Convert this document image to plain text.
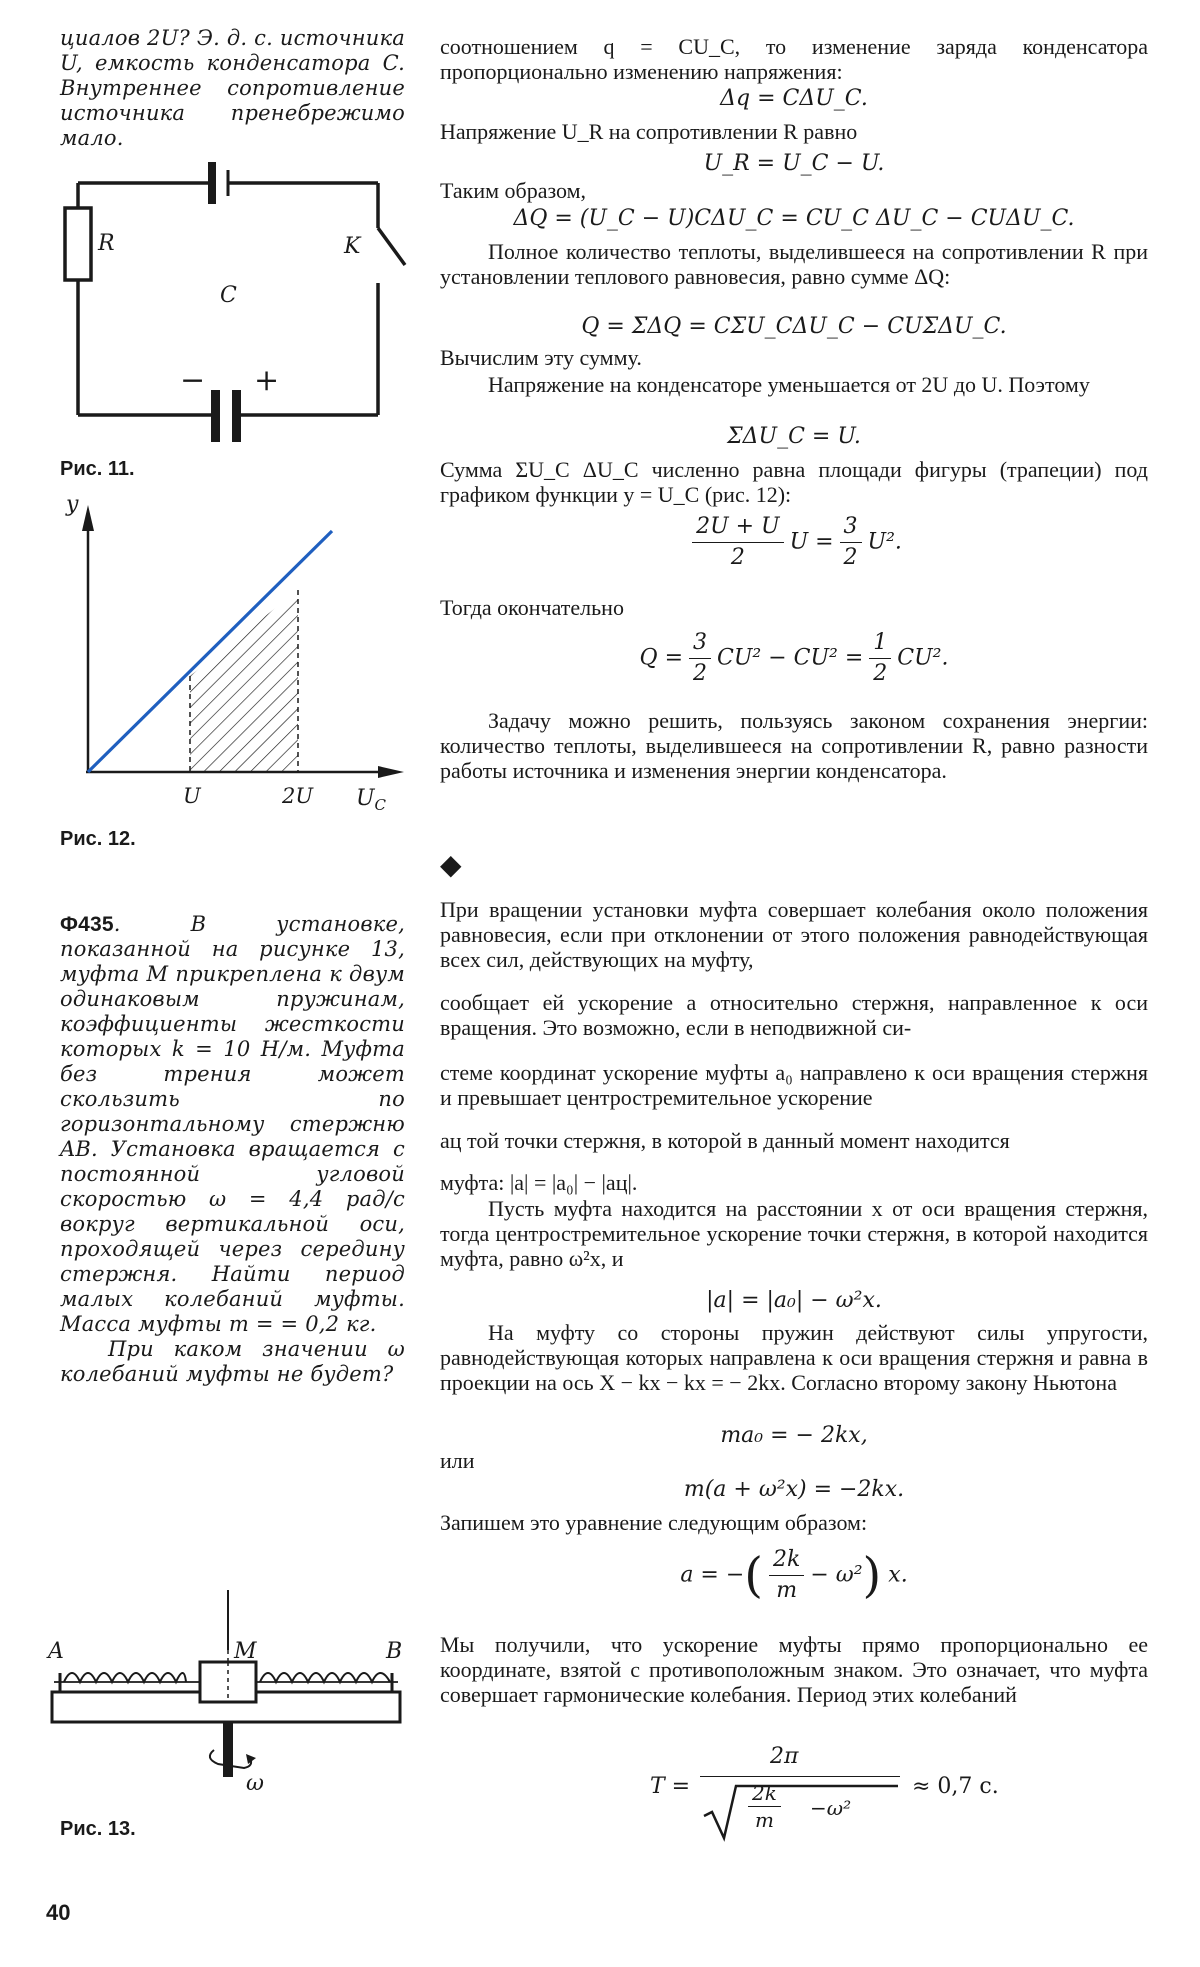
циалов 2U? Э. д. с. источника U, емкость конденсатора C. Внутреннее сопротивление источника пренебрежимо мало.
R	K
C
− +
Рис. 11.
y
U	2U $U_C$
Рис. 12.
Ф435. В установке, показанной на рисунке 13, муфта M прикреплена к двум одинаковым пружинам, коэффициенты жесткости которых k = 10 Н/м. Муфта без трения может скользить по горизонтальному стержню AB. Установка вращается с постоянной угловой скоростью ω = 4,4 рад/с вокруг вертикальной оси, проходящей через середину стержня. Найти период малых колебаний муфты. Масса муфты m = = 0,2 кг.
При каком значении ω колебаний муфты не будет?
A	B
M
ω
Рис. 13.
40
соотношением q = CU_C, то изменение заряда конденсатора пропорционально изменению напряжения:
Δq = CΔU_C.
Напряжение U_R на сопротивлении R равно
U_R = U_C − U.
Таким образом,
ΔQ = (U_C − U)CΔU_C = CU_C ΔU_C − CUΔU_C.
Полное количество теплоты, выделившееся на сопротивлении R при установлении теплового равновесия, равно сумме ΔQ:
Q = ΣΔQ = CΣU_CΔU_C − CUΣΔU_C.
Вычислим эту сумму.
Напряжение на конденсаторе уменьшается от 2U до U. Поэтому
ΣΔU_C = U.
Сумма ΣU_C ΔU_C численно равна площади фигуры (трапеции) под графиком функции y = U_C (рис. 12):
$\frac{2U + U}{2}$ $U = \frac{3}{2} U^2$.
Тогда окончательно
$Q = \frac{3}{2} CU^2 - CU^2 = \frac{1}{2} CU^2$.
Задачу можно решить, пользуясь законом сохранения энергии: количество теплоты, выделившееся на сопротивлении R, равно разности работы источника и изменения энергии конденсатора.
◆
При вращении установки муфта совершает колебания около положения равновесия, если при отклонении от этого положения равнодействующая всех сил, действующих на муфту,
сообщает ей ускорение a относительно стержня, направленное к оси вращения. Это возможно, если в неподвижной си-
стеме координат ускорение муфты a₀ направлено к оси вращения стержня и превышает центростремительное ускорение
aц той точки стержня, в которой в данный момент находится
муфта: |a| = |a₀| − |aц|.
Пусть муфта находится на расстоянии x от оси вращения стержня, тогда центростремительное ускорение точки стержня, в которой находится муфта, равно ω²x, и
|a| = |a₀| − ω²x.
На муфту со стороны пружин действуют силы упругости, равнодействующая которых направлена к оси вращения стержня и равна в проекции на ось X − kx − kx = − 2kx. Согласно второму закону Ньютона
ma₀ = − 2kx,
или
m(a + ω²x) = −2kx.
Запишем это уравнение следующим образом:
a = −( $\frac{2k}{m} - \omega^2$) x.
Мы получили, что ускорение муфты прямо пропорционально ее координате, взятой с противоположным знаком. Это означает, что муфта совершает гармонические колебания. Период этих колебаний
T =
2π
$\frac{2k}{m} -\omega^2$
≈ 0,7 с.
